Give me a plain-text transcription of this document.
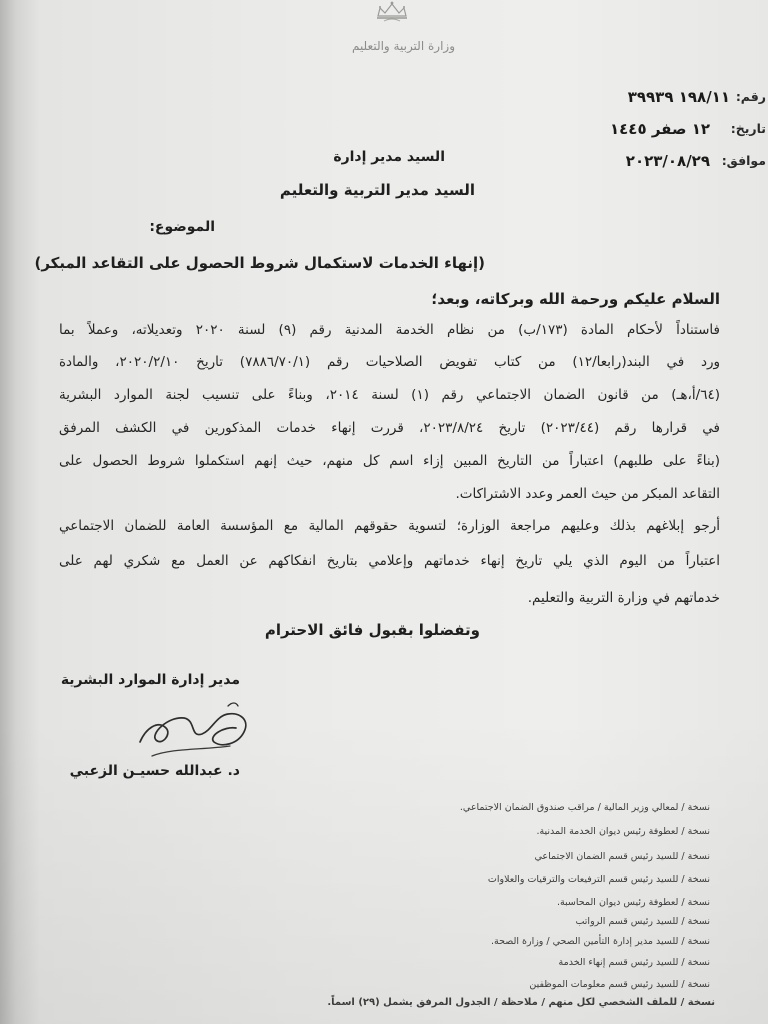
وزارة التربية والتعليم
رقم:
١٩٨/١١ ٣٩٩٣٩
تاريخ:
١٢ صفر ١٤٤٥
موافق:
٢٠٢٣/٠٨/٢٩
السيد مدير إدارة
السيد مدير التربية والتعليم
الموضوع:
(إنهاء الخدمات لاستكمال شروط الحصول على التقاعد المبكر)
السلام عليكم ورحمة الله وبركاته، وبعد؛
فاستناداً لأحكام المادة (١٧٣/ب) من نظام الخدمة المدنية رقم (٩) لسنة ٢٠٢٠ وتعديلاته، وعملاً بما
ورد في البند(رابعا/١٢) من كتاب تفويض الصلاحيات رقم (٧٨٨٦/٧٠/١) تاريخ ٢٠٢٠/٢/١٠، والمادة
(٦٤/أ،هـ) من قانون الضمان الاجتماعي رقم (١) لسنة ٢٠١٤، وبناءً على تنسيب لجنة الموارد البشرية
في قرارها رقم (٢٠٢٣/٤٤) تاريخ ٢٠٢٣/٨/٢٤، قررت إنهاء خدمات المذكورين في الكشف المرفق
(بناءً على طلبهم) اعتباراً من التاريخ المبين إزاء اسم كل منهم، حيث إنهم استكملوا شروط الحصول على
التقاعد المبكر من حيث العمر وعدد الاشتراكات.
أرجو إبلاغهم بذلك وعليهم مراجعة الوزارة؛ لتسوية حقوقهم المالية مع المؤسسة العامة للضمان الاجتماعي
اعتباراً من اليوم الذي يلي تاريخ إنهاء خدماتهم وإعلامي بتاريخ انفكاكهم عن العمل مع شكري لهم على
خدماتهم في وزارة التربية والتعليم.
وتفضلوا بقبول فائق الاحترام
مدير إدارة الموارد البشرية
د. عبدالله حسيـن الزعبي
نسخة / لمعالي وزير المالية / مراقب صندوق الضمان الاجتماعي.
نسخة / لعطوفة رئيس ديوان الخدمة المدنية.
نسخة / للسيد رئيس قسم الضمان الاجتماعي
نسخة / للسيد رئيس قسم الترفيعات والترقيات والعلاوات
نسخة / لعطوفة رئيس ديوان المحاسبة.
نسخة / للسيد رئيس قسم الرواتب
نسخة / للسيد مدير إدارة التأمين الصحي / وزارة الصحة.
نسخة / للسيد رئيس قسم إنهاء الخدمة
نسخة / للسيد رئيس قسم معلومات الموظفين
نسخة / للملف الشخصي لكل منهم / ملاحظة / الجدول المرفق يشمل (٢٩) اسماً.
